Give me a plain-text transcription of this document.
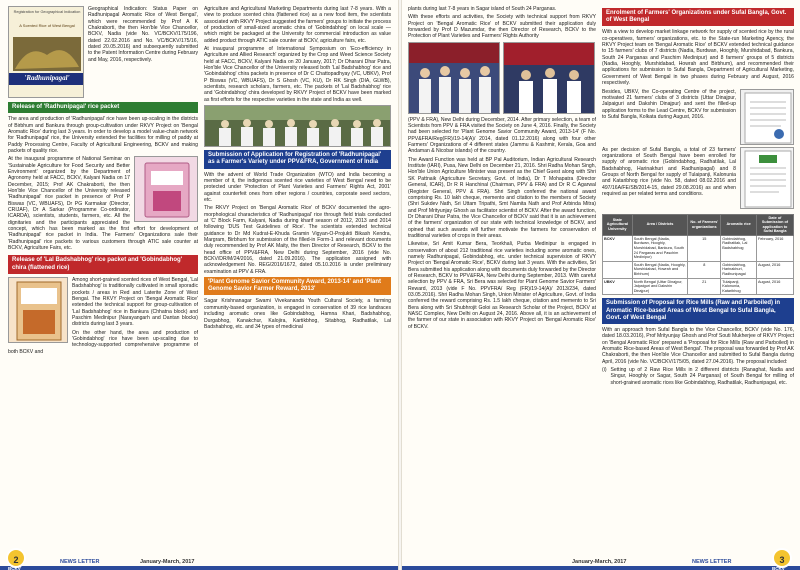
Registration for Geographical Indication
A Scented Rice of West Bengal
'Radhunipagal'

Geographical Indication: Status Paper on Radhunipagal Aromatic Rice of West Bengal', which were recommended by Prof A K Chakraborti, the then Hon'ble Vice Chancellor, BCKV, Nadia (vide No. VC/BCKV/175/196, dated 22.02.2016 and No. VC/BCKV/175/16, dated 20.05.2016) and subsequently submitted to the Patent Information Centre during February and May, 2016, respectively.

Release of 'Radhunipagal' rice packet

The area and production of 'Radhunipagal' rice have been up-scaling in the districts of Birbhum and Bankura through group-cultivation under RKVY Project on 'Bengal Aromatic Rice' during last 3 years. In order to develop a model value-chain network for 'Radhunipagal' rice, the University extended the facilities for milling of paddy at Paddy Processing Centre, Faculty of Agricultural Engineering, BCKV and making packets of quality rice.

At the inaugural programme of National Seminar on 'Sustainable Agriculture for Food Security and Better Environment' organized by the Department of Agronomy held at FACC, BCKV, Kalyani Nadia on 17 December, 2015; Prof AK Chakraborti, the then Hon'ble Vice Chancellor of the University released 'Radhunipagal' rice packet in presence of Prof P Biswas (VC, WBUAFS), Dr PG Karmakar (Director, CRIJAF), Dr A Sarkar (Programme Co-ordinator, ICARDA), scientists, students, farmers, etc. All the dignitaries and the participants appreciated the concept, which has been marked as the first effort for development of 'Radhunipagal' rice packet in India. The Farmers' Organizations sale their 'Radhunipagal' rice packets to various customers through ATIC sale counter at BCKV, Agriculture Fairs, etc.

Release of 'Lal Badshabhog' rice packet and 'Gobindabhog' chira (flattened rice)

Among short-grained scented rices of West Bengal, 'Lal Badshabhog' is traditionally cultivated in small sporadic pockets / areas in Red and Laterite Zone of West Bengal. The RKVY Project on 'Bengal Aromatic Rice' extended the technical support for group-cultivation of 'Lal Badshabhog' rice in Bankura (Chhatna block) and Paschim Medinipur (Narayangarh and Dantan blocks) districts during last 3 years.

On the other hand, the area and production of 'Gobindabhog' rice have been up-scaling due to technology-supported comprehensive programme of both BCKV and

Agriculture and Agricultural Marketing Departments during last 7-8 years. With a view to produce scented chira (flattened rice) as a new food item, the scientists associated with RKVY Project suggested the farmers' groups to initiate the process of production of small-sized aromatic chira of 'Gobindabhog' on local scale — which might be packaged at the University for commercial introduction as value added product through ATIC sale counter at BCKV, agriculture fairs, etc.

At inaugural programme of International Symposium on 'Eco-efficiency in Agriculture and Allied Research' organized by the Crop and Weed Science Society held at FACC, BCKV, Kalyani Nadia on 20 January, 2017; Dr Dharani Dhar Patra, Hon'ble Vice Chancellor of the University released both 'Lal Badshabhog' rice and 'Gobindabhog' chira packets in presence of Dr C Chattopadhyay (VC, UBKV), Prof P Biswas (VC, WBUAFS), Dr S Ghosh (VC, KU), Dr RK Singh (DIA, GLWB), scientists, research scholars, farmers, etc. The packets of 'Lal Badshabhog' rice and 'Gobindabhog' chira developed by RKVY Project of BCKV have been marked as first efforts for the respective varieties in the state and India as well.

Submission of Application for Registration of 'Radhunipagal' as a Farmer's Variety under PPV&FRA, Government of India

With the advent of World Trade Organization (WTO) and India becoming a member of it, the indigenous scented rice varieties of West Bengal need to be protected under 'Protection of Plant Varieties and Farmers' Rights Act, 2001' against counterfeit ones from other regions / countries, corporate seed sectors, etc.

The RKVY Project on 'Bengal Aromatic Rice' of BCKV documented the agro-morphological characteristics of 'Radhunipagal' rice through field trials conducted at 'C' Block Farm, Kalyani, Nadia during kharif season of 2012, 2013 and 2014 following 'DUS Test Guidelines of Rice'. The scientists extended technical guidance to Dr Md Kudrat-E-Khuda Gramin Vigyan-O-Projukti Bikash Kendra, Margram, Birbhum for submission of the filled-in Form-1 and relevant documents duly recommended by Prof AK Maity, the then Director of Research, BCKV to the head office of PPV&FRA, New Delhi during September, 2016 (vide No. BCKV/DR/M/24/2016, dated 21.09.2016). The application assigned with acknowledgement No. REG/2016/1672, dated 05.10.2016 is under preliminary examination at PPV & FRA.

'Plant Genome Savior Community Award, 2013-14' and 'Plant Genome Savior Farmer Reward, 2013'

Sagar Krishnanagar Swami Vivekananda Youth Cultural Society, a farming community-based organization, is engaged in conservation of 39 rice landraces including aromatic ones like Gobindabhog, Hamna Khari, Badshabhog, Durgabhog, Kanakchur, Kalojira, Kartikbhog, Sitabhog, Radhatilak, Lal Badshabhog, etc. and 34 types of medicinal

2
BCKV
NEWS LETTER	January-March, 2017

plants during last 7-8 years in Sagar island of South 24 Parganas.

With these efforts and activities, the Society with technical support from RKVY Project on 'Bengal Aromatic Rice' of BCKV submitted their application duly forwarded by Prof D Mazumdar, the then Director of Research, BCKV to the Protection of Plant Varieties and Farmers' Rights Authority

(PPV & FRA), New Delhi during December, 2014. After primary selection, a team of Scientists from PPV & FRA visited the Society on June 4, 2016. Finally, the Society had been selected for 'Plant Genome Savior Community Award, 2013-14' (F No. PPV&FRA/Reg(FR)/19-14(A)/ 2014, dated 01.12.2016) along with four other Farmers' Organizations of 4 different states (Jammu & Kashmir, Kerala, Goa and Andaman & Nicobar islands) of the country.

The Award Function was held at BP Pal Auditorium, Indian Agricultural Research Institute (IARI), Pusa, New Delhi on December 21, 2016. Shri Radha Mohan Singh, Hon'ble Union Agriculture Minister was present as the Chief Guest along with Shri SK Pattnaik (Agriculture Secretary, Govt. of India), Dr T Mohapatra (Director General, ICAR), Dr R R Hanchinal (Chairman, PPV & FRA) and Dr R C Agarwal (Register General, PPV & FRA). Shri Singh conferred the national award comprising Rs. 10 lakh cheque, memento and citation to the members of Society (Shri Sukdev Nath, Sri Uttam Tripathi, Smt Namita Nath and Prof Arbinda Mitra) and Prof Mrityunjay Ghosh as facilitator scientist of BCKV. After the award function, Dr Dharani Dhar Patra, the Vice Chancellor of BCKV said that it is an achievement of the farmers' organization of our state with technical knowledge of BCKV, and opined that such awards will further motivate the farmers for conservation of traditional varieties of crops in their areas.

Likewise, Sri Amit Kumar Bera, Teorkhali, Purba Medinipur is engaged in conservation of about 212 traditional rice varieties including some aromatic ones, namely Radhunipagal, Gobindabhog, etc. under technical supervision of RKVY Project on 'Bengal Aromatic Rice', BCKV during last 3 years. With the activities, Sri Bera submitted his application along with documents duly forwarded by the Director of Research, BCKV to PPV&FRA, New Delhi during September, 2013. With careful selection by PPV & FRA, Sri Bera was selected for Plant Genome Savior Farmers' Reward, 2013 (vide F No. PPVFRA/ Reg (FR)/19-14(A)/ 2013/234, dated 03.05.2016). Shri Radha Mohan Singh, Union Minister of Agriculture, Govt. of India conferred the reward comprising Rs. 1.5 lakh cheque, citation and memento to Sri Bera along with Sri Shubhrojit Goloi as Research Scholar of the Project, BCKV at NASC Complex, New Delhi on August 24, 2016. Above all, it is an achievement of the farmer of our state in association with RKVY Project on 'Bengal Aromatic Rice' of BCKV.

Enrolment of Farmers' Organizations under Sufal Bangla, Govt. of West Bengal

With a view to develop market linkage network for supply of scented rice by the rural co-operatives, farmers' organizations, etc. to the State-run Marketing Agency, the RKVY Project team on 'Bengal Aromatic Rice' of BCKV extended technical guidance to 15 farmers' clubs of 7 districts (Nadia, Burdwan, Hooghly, Murshidabad, Bankura, South 24 Parganas and Paschim Medinipur) and 8 farmers' groups of 5 districts (Nadia, Hooghly, Murshidabad, Howrah and Birbhum), and recommended their applications for submission to Sufal Bangla, Department of Agricultural Marketing, Government of West Bengal in two phases during February and August, 2016 respectively.

Besides, UBKV, the Co-operating Centre of the project, motivated 21 farmers' clubs of 3 districts (Uttar Dinajpur, Jalpaiguri and Dakshin Dinajpur) and sent the filled-up application forms to the Lead Centre, BCKV for submission to Sufal Bangla, Kolkata during August, 2016.

As per decision of Sufal Bangla, a total of 23 farmers' organizations of South Bengal have been enrolled for supply of aromatic rice (Gobindabhog, Radhatilak, Lal Badshabhog, Harinakhuri and Radhunipagal) and 8 Groups of North Bengal for supply of Tulaipanji, Kalonunia and Kataribhog rice (vide No. 58, dated 08.02.2016 and 497/16A/FE/SB/2014-15, dated 29.08.2016) as and when required as per related terms and conditions.

State Agricultural University	Area / Districts	No. of Farmers' organizations	Aromatic rice	Date of Submission of application to Sufal Bangla
BCKV	South Bengal (Nadia, Burdwan, Hooghly, Murshidabad, Bankura, South 24 Parganas and Paschim Medinipur)	15	Gobindabhog, Radhatilak, Lal Badshabhog	February, 2016
	South Bengal (Nadia, Hooghly, Murshidabad, Howrah and Birbhum)	8	Gobindabhog, Harinakhuri, Radhunipagal	August, 2016
UBKV	North Bengal (Uttar Dinajpur, Jalpaiguri and Dakshin Dinajpur)	21	Tulaipanji, Kalonunia, Kataribhog	August, 2016
Submission of Proposal for Rice Mills (Raw and Parboiled) in Aromatic Rice-based Areas of West Bengal to Sufal Bangla, Govt. of West Bengal

With an approach from Sufal Bangla to the Vice Chancellor, BCKV (vide No. 176, dated 18.03.2016), Prof Mrityunjay Ghosh and Prof Souti Mukherjee of RKVY Project on 'Bengal Aromatic Rice' prepared a 'Proposal for Rice Mills (Raw and Parboiled) in Aromatic Rice-based Areas of West Bengal'. The proposal was forwarded by Prof AK Chakraborti, the then Hon'ble Vice Chancellor and submitted to Sufal Bangla during April, 2016 (vide No. VC/BCKV/175/05, dated 27.04.2016). The proposal included:

(i) Setting up of 2 Raw Rice Mills in 2 different districts (Ranaghat, Nadia and Singur, Hooghly or Sagar, South 24 Parganas) of South Bengal for milling of short-grained aromatic rices like Gobindabhog, Radhatilak, Radhunipagal, etc.

January-March, 2017	NEWS LETTER	3
BCKV
